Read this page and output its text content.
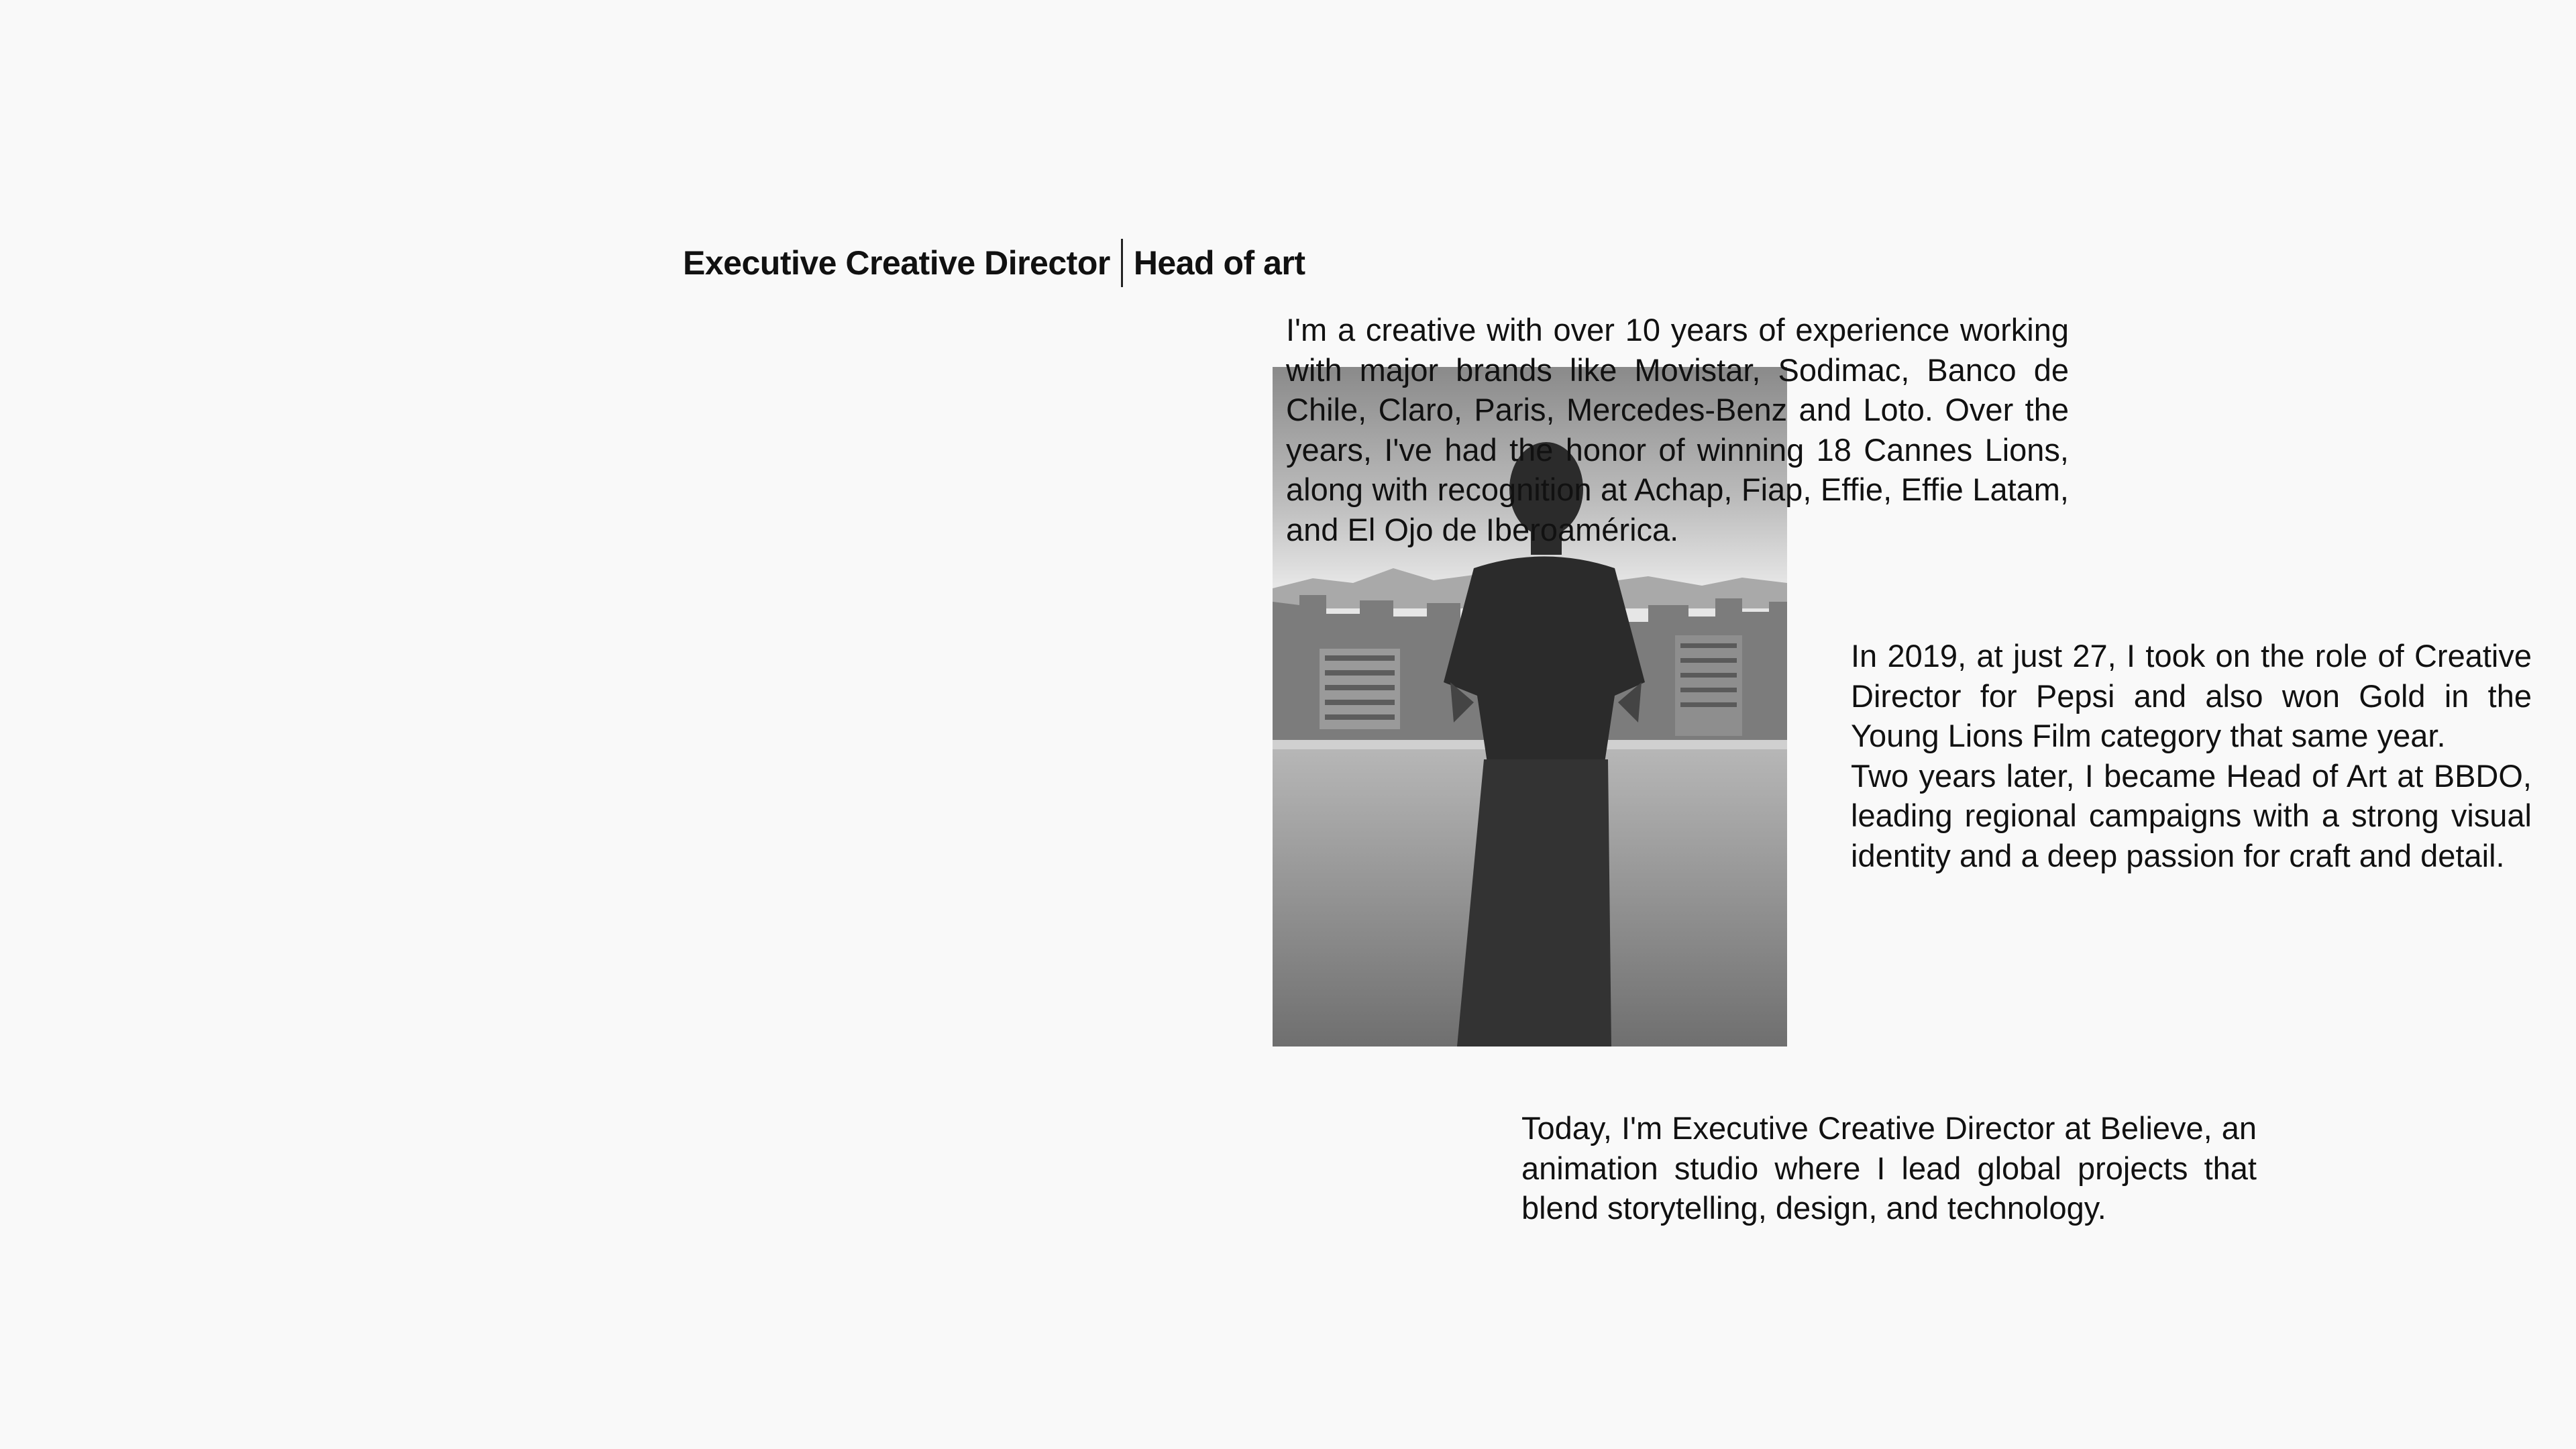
Executive Creative Director Head of art

I'm a creative with over 10 years of experience working with major brands like Movistar, Sodimac, Banco de Chile, Claro, Paris, Mercedes-Benz and Loto. Over the years, I've had the honor of winning 18 Cannes Lions, along with recognition at Achap, Fiap, Effie, Effie Latam, and El Ojo de Iberoamérica.

In 2019, at just 27, I took on the role of Creative Director for Pepsi and also won Gold in the Young Lions Film category that same year.

Two years later, I became Head of Art at BBDO, leading regional campaigns with a strong visual identity and a deep passion for craft and detail.

Today, I'm Executive Creative Director at Believe, an animation studio where I lead global projects that blend storytelling, design, and technology.
